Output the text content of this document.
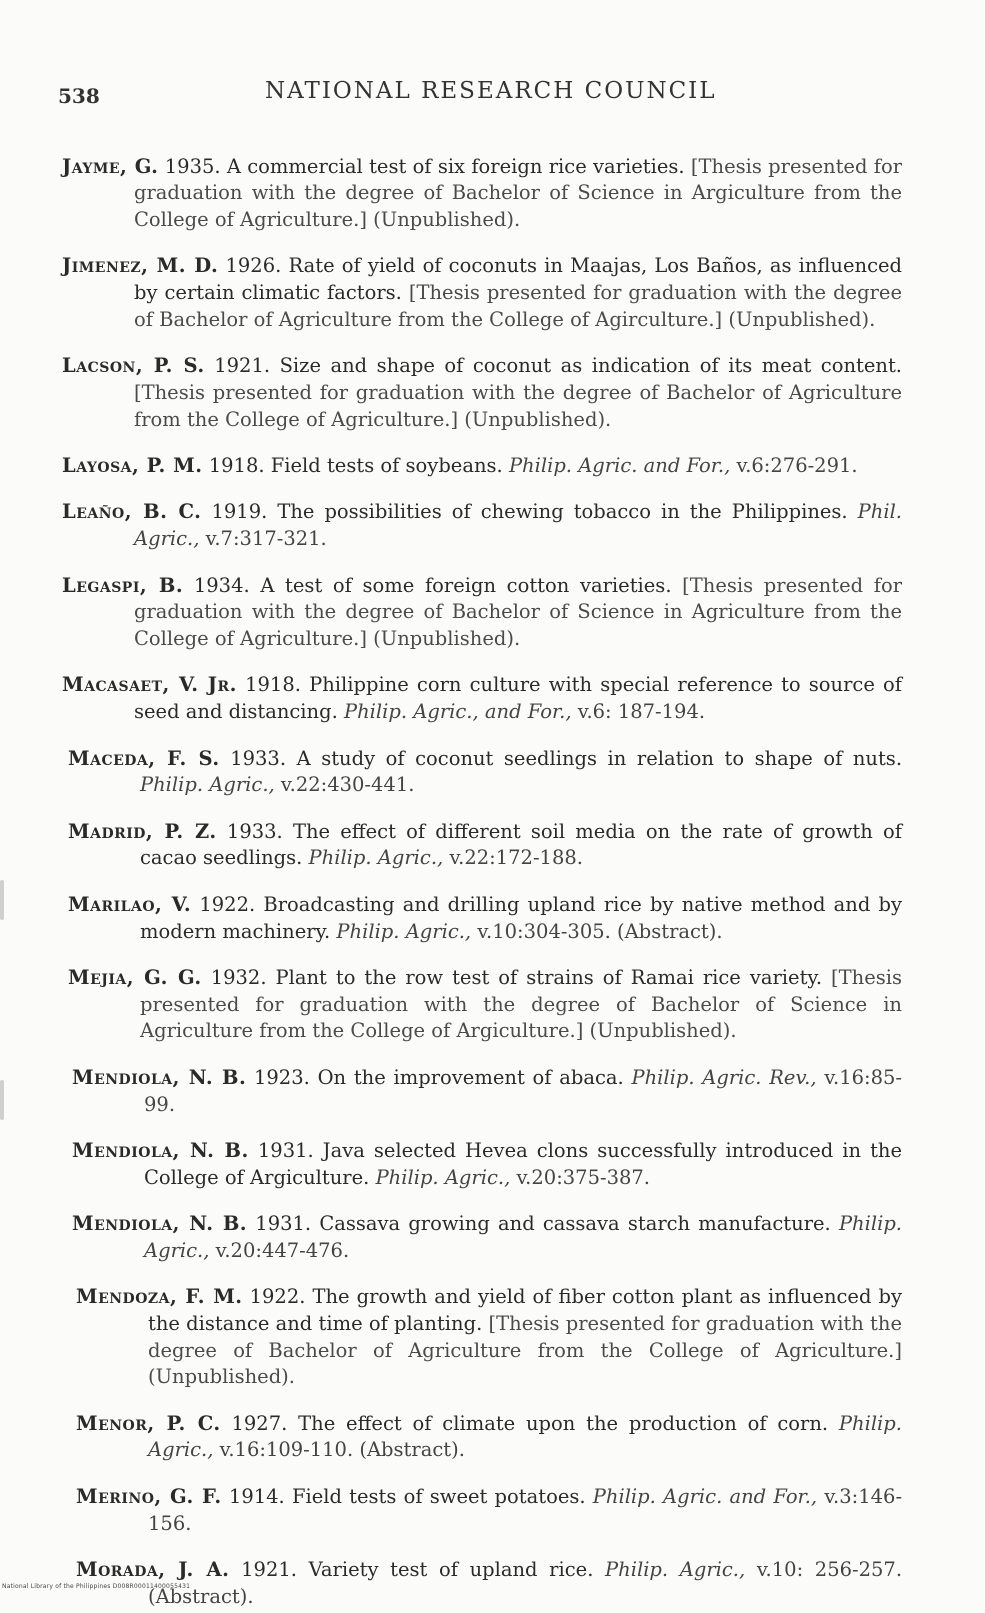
538	NATIONAL RESEARCH COUNCIL

Jayme, G. 1935. A commercial test of six foreign rice varieties. [Thesis presented for graduation with the degree of Bachelor of Science in Argiculture from the College of Agriculture.] (Unpublished).

Jimenez, M. D. 1926. Rate of yield of coconuts in Maajas, Los Baños, as influenced by certain climatic factors. [Thesis presented for graduation with the degree of Bachelor of Agriculture from the College of Agirculture.] (Unpublished).

Lacson, P. S. 1921. Size and shape of coconut as indication of its meat content. [Thesis presented for graduation with the degree of Bachelor of Agriculture from the College of Agriculture.] (Unpublished).

Layosa, P. M. 1918. Field tests of soybeans. Philip. Agric. and For., v.6:276-291.

Leaño, B. C. 1919. The possibilities of chewing tobacco in the Philippines. Phil. Agric., v.7:317-321.

Legaspi, B. 1934. A test of some foreign cotton varieties. [Thesis presented for graduation with the degree of Bachelor of Science in Agriculture from the College of Agriculture.] (Unpublished).

Macasaet, V. Jr. 1918. Philippine corn culture with special reference to source of seed and distancing. Philip. Agric., and For., v.6: 187-194.

Maceda, F. S. 1933. A study of coconut seedlings in relation to shape of nuts. Philip. Agric., v.22:430-441.

Madrid, P. Z. 1933. The effect of different soil media on the rate of growth of cacao seedlings. Philip. Agric., v.22:172-188.

Marilao, V. 1922. Broadcasting and drilling upland rice by native method and by modern machinery. Philip. Agric., v.10:304-305. (Abstract).

Mejia, G. G. 1932. Plant to the row test of strains of Ramai rice variety. [Thesis presented for graduation with the degree of Bachelor of Science in Agriculture from the College of Argiculture.] (Unpublished).

Mendiola, N. B. 1923. On the improvement of abaca. Philip. Agric. Rev., v.16:85-99.

Mendiola, N. B. 1931. Java selected Hevea clons successfully introduced in the College of Argiculture. Philip. Agric., v.20:375-387.

Mendiola, N. B. 1931. Cassava growing and cassava starch manufacture. Philip. Agric., v.20:447-476.

Mendoza, F. M. 1922. The growth and yield of fiber cotton plant as influenced by the distance and time of planting. [Thesis presented for graduation with the degree of Bachelor of Agriculture from the College of Agriculture.] (Unpublished).

Menor, P. C. 1927. The effect of climate upon the production of corn. Philip. Agric., v.16:109-110. (Abstract).

Merino, G. F. 1914. Field tests of sweet potatoes. Philip. Agric. and For., v.3:146-156.

Morada, J. A. 1921. Variety test of upland rice. Philip. Agric., v.10: 256-257. (Abstract).

National Library of the Philippines D008R00011400055431
